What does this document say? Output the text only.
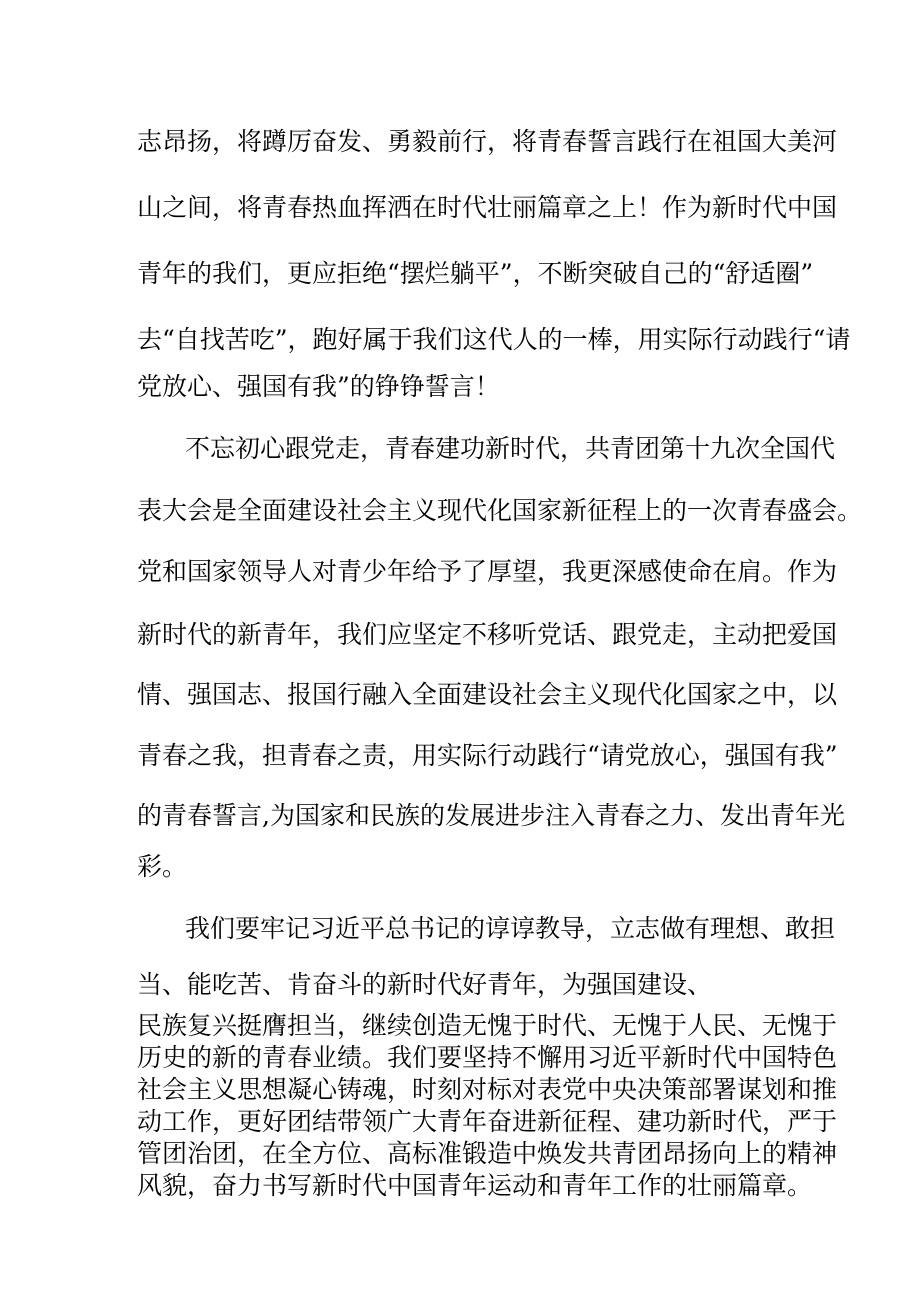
志昂扬，将蹲厉奋发、勇毅前行，将青春誓言践行在祖国大美河
山之间，将青春热血挥洒在时代壮丽篇章之上！作为新时代中国
青年的我们，更应拒绝“摆烂躺平”，不断突破自己的“舒适圈”
去“自找苦吃”，跑好属于我们这代人的一棒，用实际行动践行“请
党放心、强国有我”的铮铮誓言！
不忘初心跟党走，青春建功新时代，共青团第十九次全国代
表大会是全面建设社会主义现代化国家新征程上的一次青春盛会。
党和国家领导人对青少年给予了厚望，我更深感使命在肩。作为
新时代的新青年，我们应坚定不移听党话、跟党走，主动把爱国
情、强国志、报国行融入全面建设社会主义现代化国家之中，以
青春之我，担青春之责，用实际行动践行“请党放心，强国有我”
的青春誓言,为国家和民族的发展进步注入青春之力、发出青年光
彩。
我们要牢记习近平总书记的谆谆教导，立志做有理想、敢担
当、能吃苦、肯奋斗的新时代好青年，为强国建设、
民族复兴挺膺担当，继续创造无愧于时代、无愧于人民、无愧于
历史的新的青春业绩。我们要坚持不懈用习近平新时代中国特色
社会主义思想凝心铸魂，时刻对标对表党中央决策部署谋划和推
动工作，更好团结带领广大青年奋进新征程、建功新时代，严于
管团治团，在全方位、高标准锻造中焕发共青团昂扬向上的精神
风貌，奋力书写新时代中国青年运动和青年工作的壮丽篇章。
